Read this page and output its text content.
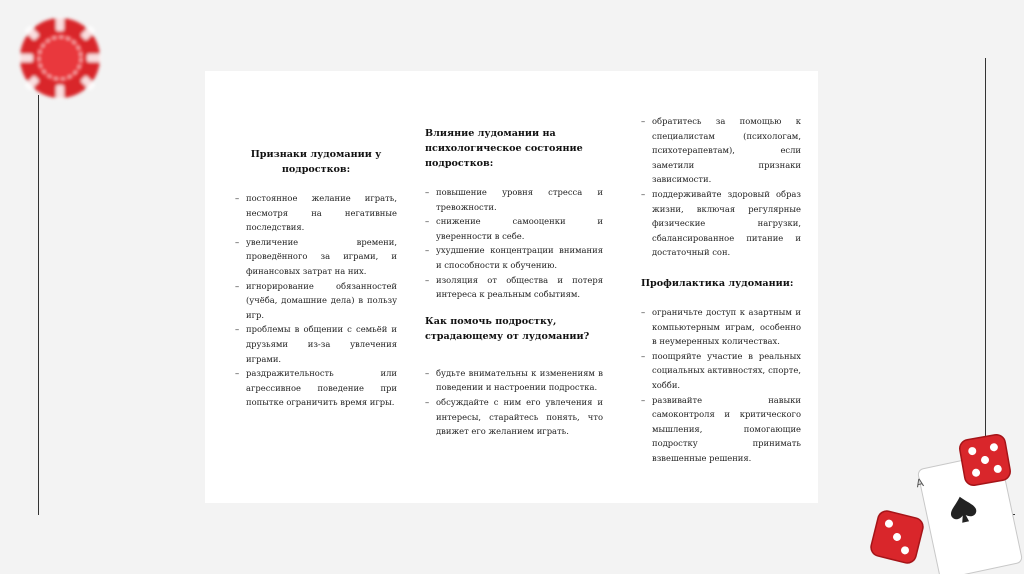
A
Признаки лудомании у подростков:
– постоянное желание играть, несмотря на негативные последствия.
– увеличение времени, проведённого за играми, и финансовых затрат на них.
– игнорирование обязанностей (учёба, домашние дела) в пользу игр.
– проблемы в общении с семьёй и друзьями из-за увлечения играми.
– раздражительность или агрессивное поведение при попытке ограничить время игры.
Влияние лудомании на психологическое состояние подростков:
– повышение уровня стресса и тревожности.
– снижение самооценки и уверенности в себе.
– ухудшение концентрации внимания и способности к обучению.
– изоляция от общества и потеря интереса к реальным событиям.
Как помочь подростку, страдающему от лудомании?
– будьте внимательны к изменениям в поведении и настроении подростка.
– обсуждайте с ним его увлечения и интересы, старайтесь понять, что движет его желанием играть.
– обратитесь за помощью к специалистам (психологам, психотерапевтам), если заметили признаки зависимости.
– поддерживайте здоровый образ жизни, включая регулярные физические нагрузки, сбалансированное питание и достаточный сон.
Профилактика лудомании:
– ограничьте доступ к азартным и компьютерным играм, особенно в неумеренных количествах.
– поощряйте участие в реальных социальных активностях, спорте, хобби.
– развивайте навыки самоконтроля и критического мышления, помогающие подростку принимать взвешенные решения.
